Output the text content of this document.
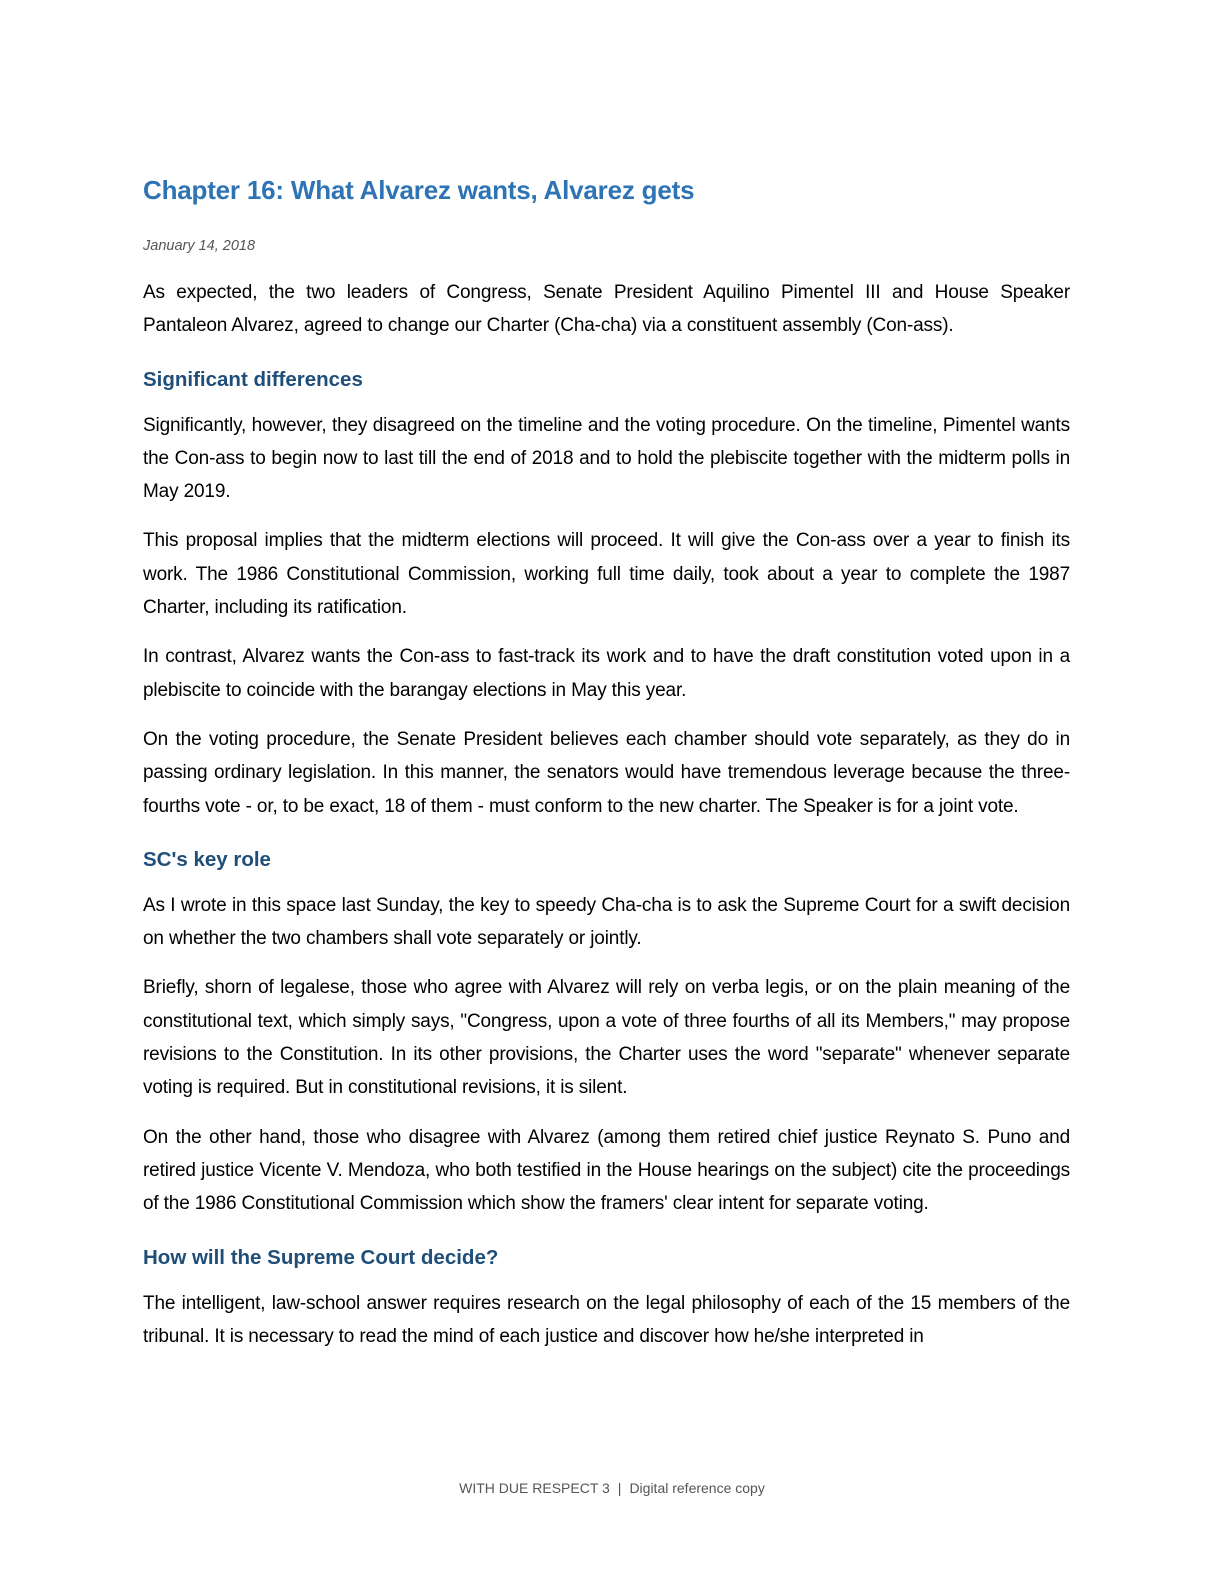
Chapter 16: What Alvarez wants, Alvarez gets
January 14, 2018

As expected, the two leaders of Congress, Senate President Aquilino Pimentel III and House Speaker Pantaleon Alvarez, agreed to change our Charter (Cha-cha) via a constituent assembly (Con-ass).

Significant differences

Significantly, however, they disagreed on the timeline and the voting procedure. On the timeline, Pimentel wants the Con-ass to begin now to last till the end of 2018 and to hold the plebiscite together with the midterm polls in May 2019.

This proposal implies that the midterm elections will proceed. It will give the Con-ass over a year to finish its work. The 1986 Constitutional Commission, working full time daily, took about a year to complete the 1987 Charter, including its ratification.

In contrast, Alvarez wants the Con-ass to fast-track its work and to have the draft constitution voted upon in a plebiscite to coincide with the barangay elections in May this year.

On the voting procedure, the Senate President believes each chamber should vote separately, as they do in passing ordinary legislation. In this manner, the senators would have tremendous leverage because the three-fourths vote - or, to be exact, 18 of them - must conform to the new charter. The Speaker is for a joint vote.

SC's key role

As I wrote in this space last Sunday, the key to speedy Cha-cha is to ask the Supreme Court for a swift decision on whether the two chambers shall vote separately or jointly.

Briefly, shorn of legalese, those who agree with Alvarez will rely on verba legis, or on the plain meaning of the constitutional text, which simply says, "Congress, upon a vote of three fourths of all its Members," may propose revisions to the Constitution. In its other provisions, the Charter uses the word "separate" whenever separate voting is required. But in constitutional revisions, it is silent.

On the other hand, those who disagree with Alvarez (among them retired chief justice Reynato S. Puno and retired justice Vicente V. Mendoza, who both testified in the House hearings on the subject) cite the proceedings of the 1986 Constitutional Commission which show the framers' clear intent for separate voting.

How will the Supreme Court decide?

The intelligent, law-school answer requires research on the legal philosophy of each of the 15 members of the tribunal. It is necessary to read the mind of each justice and discover how he/she interpreted in

WITH DUE RESPECT 3 | Digital reference copy
